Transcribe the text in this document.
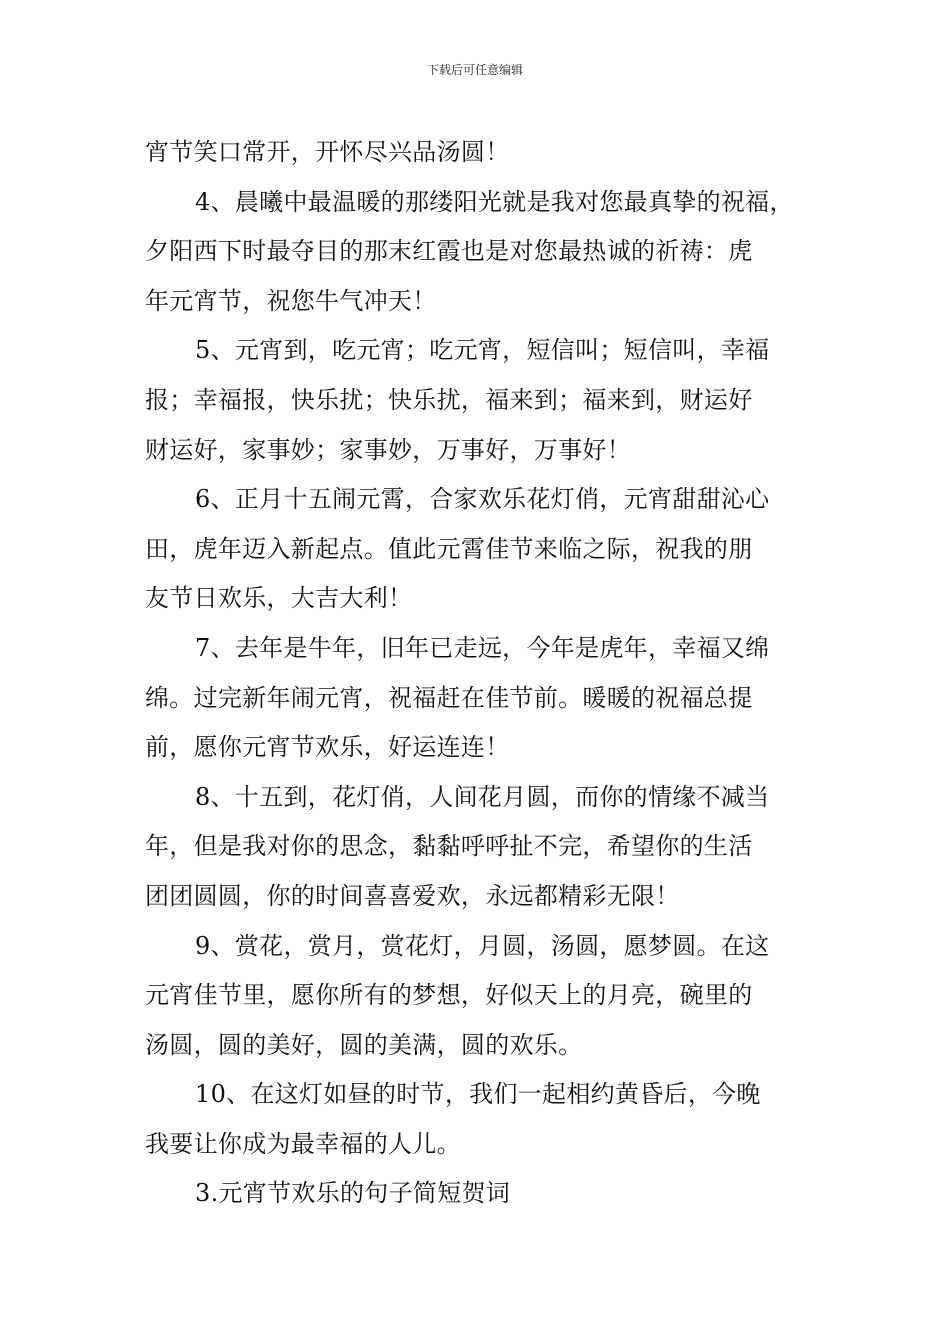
下载后可任意编辑

宵节笑口常开，开怀尽兴品汤圆！

4、晨曦中最温暖的那缕阳光就是我对您最真挚的祝福，
夕阳西下时最夺目的那末红霞也是对您最热诚的祈祷：虎
年元宵节，祝您牛气冲天！

5、元宵到，吃元宵；吃元宵，短信叫；短信叫，幸福
报；幸福报，快乐扰；快乐扰，福来到；福来到，财运好
财运好，家事妙；家事妙，万事好，万事好！

6、正月十五闹元霄，合家欢乐花灯俏，元宵甜甜沁心
田，虎年迈入新起点。值此元霄佳节来临之际，祝我的朋
友节日欢乐，大吉大利！

7、去年是牛年，旧年已走远，今年是虎年，幸福又绵
绵。过完新年闹元宵，祝福赶在佳节前。暖暖的祝福总提
前，愿你元宵节欢乐，好运连连！

8、十五到，花灯俏，人间花月圆，而你的情缘不减当
年，但是我对你的思念，黏黏呼呼扯不完，希望你的生活
团团圆圆，你的时间喜喜爱欢，永远都精彩无限！

9、赏花，赏月，赏花灯，月圆，汤圆，愿梦圆。在这
元宵佳节里，愿你所有的梦想，好似天上的月亮，碗里的
汤圆，圆的美好，圆的美满，圆的欢乐。

10、在这灯如昼的时节，我们一起相约黄昏后，今晚
我要让你成为最幸福的人儿。

3.元宵节欢乐的句子简短贺词
